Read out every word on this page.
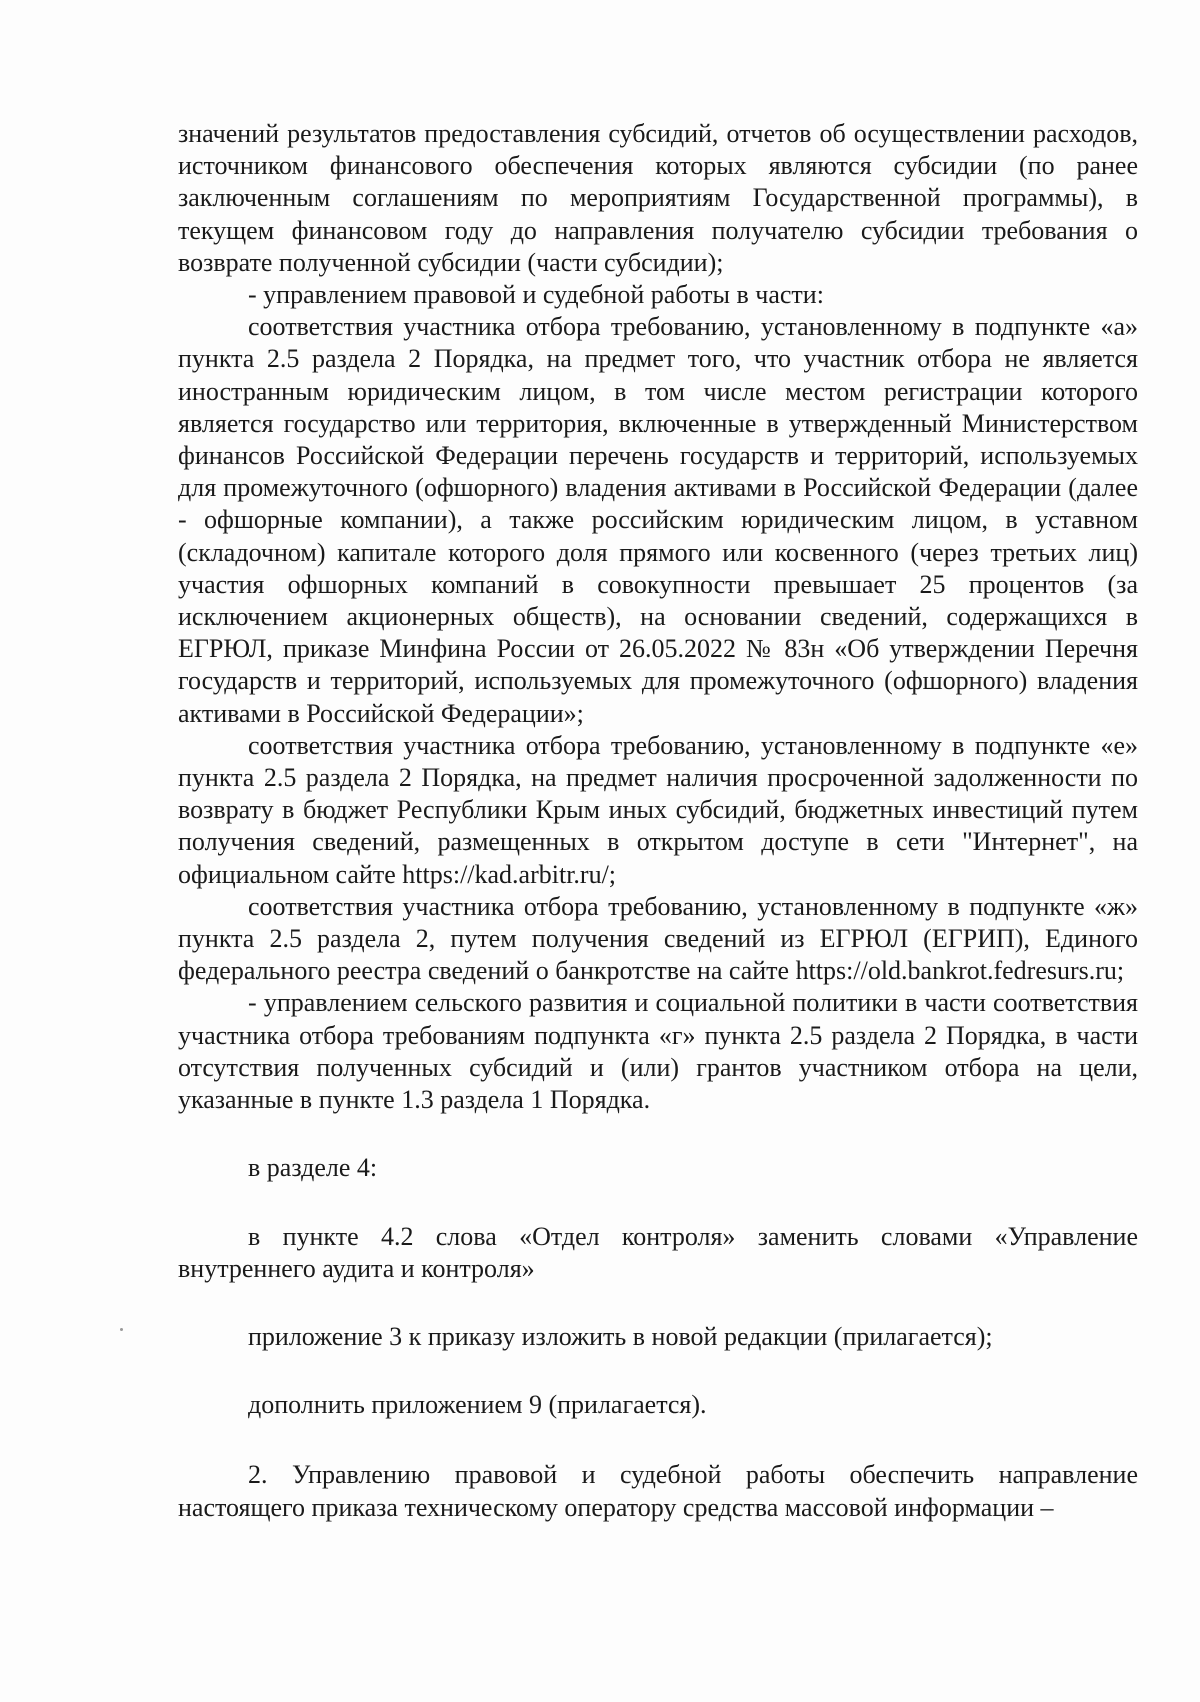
значений результатов предоставления субсидий, отчетов об осуществлении расходов, источником финансового обеспечения которых являются субсидии (по ранее заключенным соглашениям по мероприятиям Государственной программы), в текущем финансовом году до направления получателю субсидии требования о возврате полученной субсидии (части субсидии);

- управлением правовой и судебной работы в части:

соответствия участника отбора требованию, установленному в подпункте «а» пункта 2.5 раздела 2 Порядка, на предмет того, что участник отбора не является иностранным юридическим лицом, в том числе местом регистрации которого является государство или территория, включенные в утвержденный Министерством финансов Российской Федерации перечень государств и территорий, используемых для промежуточного (офшорного) владения активами в Российской Федерации (далее - офшорные компании), а также российским юридическим лицом, в уставном (складочном) капитале которого доля прямого или косвенного (через третьих лиц) участия офшорных компаний в совокупности превышает 25 процентов (за исключением акционерных обществ), на основании сведений, содержащихся в ЕГРЮЛ, приказе Минфина России от 26.05.2022 № 83н «Об утверждении Перечня государств и территорий, используемых для промежуточного (офшорного) владения активами в Российской Федерации»;

соответствия участника отбора требованию, установленному в подпункте «е» пункта 2.5 раздела 2 Порядка, на предмет наличия просроченной задолженности по возврату в бюджет Республики Крым иных субсидий, бюджетных инвестиций путем получения сведений, размещенных в открытом доступе в сети "Интернет", на официальном сайте https://kad.arbitr.ru/;

соответствия участника отбора требованию, установленному в подпункте «ж» пункта 2.5 раздела 2, путем получения сведений из ЕГРЮЛ (ЕГРИП), Единого федерального реестра сведений о банкротстве на сайте https://old.bankrot.fedresurs.ru;

- управлением сельского развития и социальной политики в части соответствия участника отбора требованиям подпункта «г» пункта 2.5 раздела 2 Порядка, в части отсутствия полученных субсидий и (или) грантов участником отбора на цели, указанные в пункте 1.3 раздела 1 Порядка.

в разделе 4:

в пункте 4.2 слова «Отдел контроля» заменить словами «Управление внутреннего аудита и контроля»

приложение 3 к приказу изложить в новой редакции (прилагается);

дополнить приложением 9 (прилагается).

2. Управлению правовой и судебной работы обеспечить направление настоящего приказа техническому оператору средства массовой информации –
